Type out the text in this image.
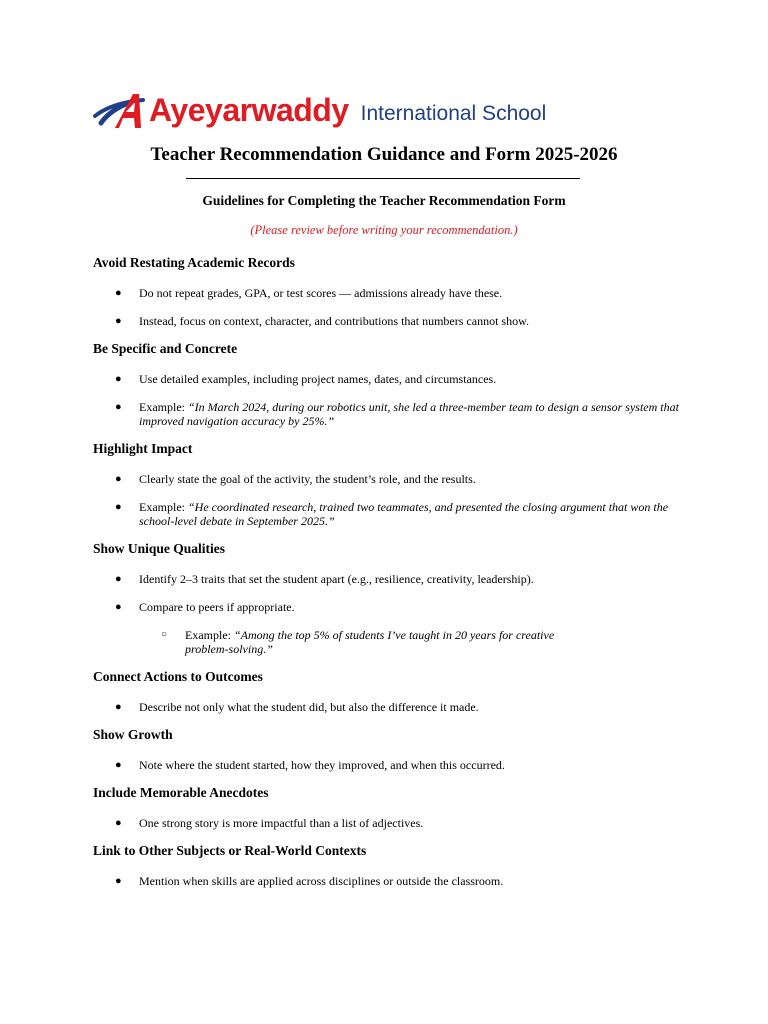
Ayeyarwaddy International School
Teacher Recommendation Guidance and Form 2025-2026
Guidelines for Completing the Teacher Recommendation Form
(Please review before writing your recommendation.)
Avoid Restating Academic Records
● Do not repeat grades, GPA, or test scores — admissions already have these.
● Instead, focus on context, character, and contributions that numbers cannot show.
Be Specific and Concrete
● Use detailed examples, including project names, dates, and circumstances.
● Example: “In March 2024, during our robotics unit, she led a three-member team to design a sensor system that improved navigation accuracy by 25%.”
Highlight Impact
● Clearly state the goal of the activity, the student’s role, and the results.
● Example: “He coordinated research, trained two teammates, and presented the closing argument that won the school-level debate in September 2025.”
Show Unique Qualities
● Identify 2–3 traits that set the student apart (e.g., resilience, creativity, leadership).
● Compare to peers if appropriate.
○ Example: “Among the top 5% of students I’ve taught in 20 years for creative problem-solving.”
Connect Actions to Outcomes
● Describe not only what the student did, but also the difference it made.
Show Growth
● Note where the student started, how they improved, and when this occurred.
Include Memorable Anecdotes
● One strong story is more impactful than a list of adjectives.
Link to Other Subjects or Real-World Contexts
● Mention when skills are applied across disciplines or outside the classroom.
